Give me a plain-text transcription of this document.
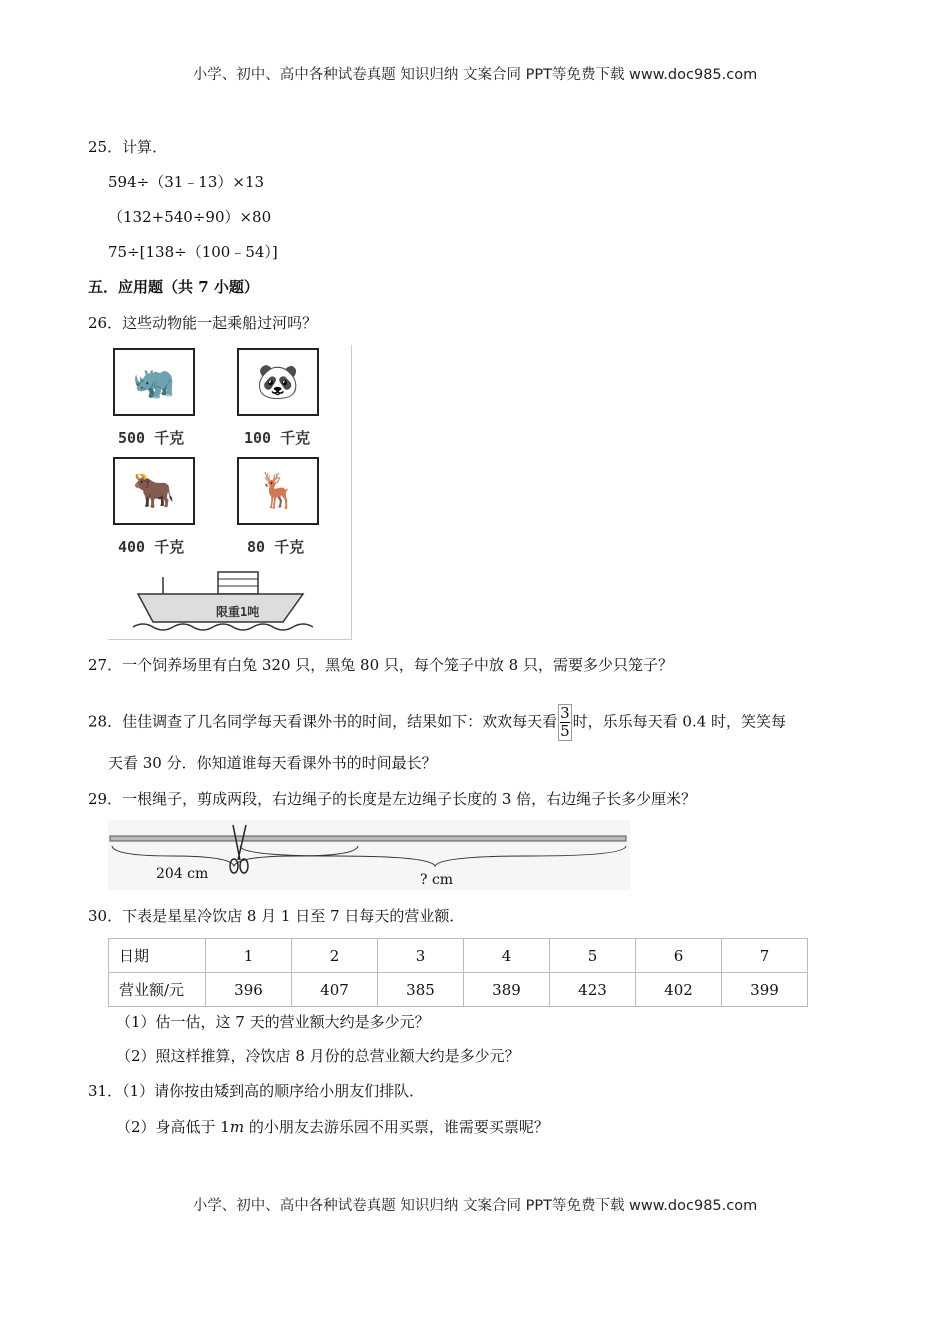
小学、初中、高中各种试卷真题 知识归纳 文案合同 PPT等免费下载 www.doc985.com
25．计算．
594÷（31﹣13）×13
（132+540÷90）×80
75÷[138÷（100﹣54）]
五．应用题（共 7 小题）
26．这些动物能一起乘船过河吗？
🦏
500 千克
🐼
100 千克
🐂
400 千克
🦌
80 千克
限重1吨
27．一个饲养场里有白兔 320 只，黑兔 80 只，每个笼子中放 8 只，需要多少只笼子？
28．佳佳调查了几名同学每天看课外书的时间，结果如下：欢欢每天看 $\frac{3}{5}$ 时，乐乐每天看 0.4 时，笑笑每
天看 30 分．你知道谁每天看课外书的时间最长？
29．一根绳子，剪成两段，右边绳子的长度是左边绳子长度的 3 倍，右边绳子长多少厘米？
204 cm	? cm
30．下表是星星冷饮店 8 月 1 日至 7 日每天的营业额．
日期	1	2	3	4	5	6	7
营业额/元	396	407	385	389	423	402	399
（1）估一估，这 7 天的营业额大约是多少元？
（2）照这样推算，冷饮店 8 月份的总营业额大约是多少元？
31．（1）请你按由矮到高的顺序给小朋友们排队．
（2）身高低于 1m 的小朋友去游乐园不用买票，谁需要买票呢？
小学、初中、高中各种试卷真题 知识归纳 文案合同 PPT等免费下载 www.doc985.com
